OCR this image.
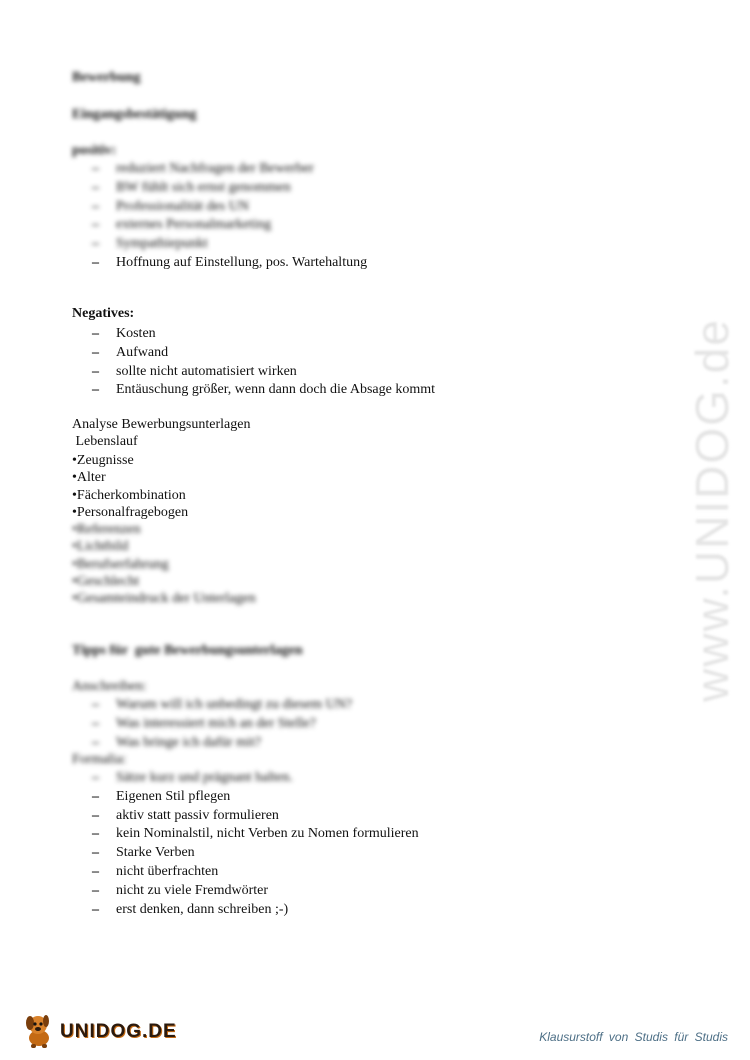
www.UNIDOG.de
Bewerbung
Eingangsbestätigung
positiv:
– reduziert Nachfragen der Bewerber
– BW fühlt sich ernst genommen
– Professionalität des UN
– externes Personalmarketing
– Sympathiepunkt
– Hoffnung auf Einstellung, pos. Wartehaltung
Negatives:
– Kosten
– Aufwand
– sollte nicht automatisiert wirken
– Entäuschung größer, wenn dann doch die Absage kommt
Analyse Bewerbungsunterlagen
Lebenslauf
• Zeugnisse
• Alter
• Fächerkombination
• Personalfragebogen
• Referenzen
• Lichtbild
• Berufserfahrung
• Geschlecht
• Gesamteindruck der Unterlagen
Tipps für  gute Bewerbungsunterlagen
Anschreiben:
– Warum will ich unbedingt zu diesem UN?
– Was interessiert mich an der Stelle?
– Was bringe ich dafür mit?
Formalia:
– Sätze kurz und prägnant halten.
– Eigenen Stil pflegen
– aktiv statt passiv formulieren
– kein Nominalstil, nicht Verben zu Nomen formulieren
– Starke Verben
– nicht überfrachten
– nicht zu viele Fremdwörter
– erst denken, dann schreiben ;-)
UNIDOG.DE	Klausurstoff von Studis für Studis
